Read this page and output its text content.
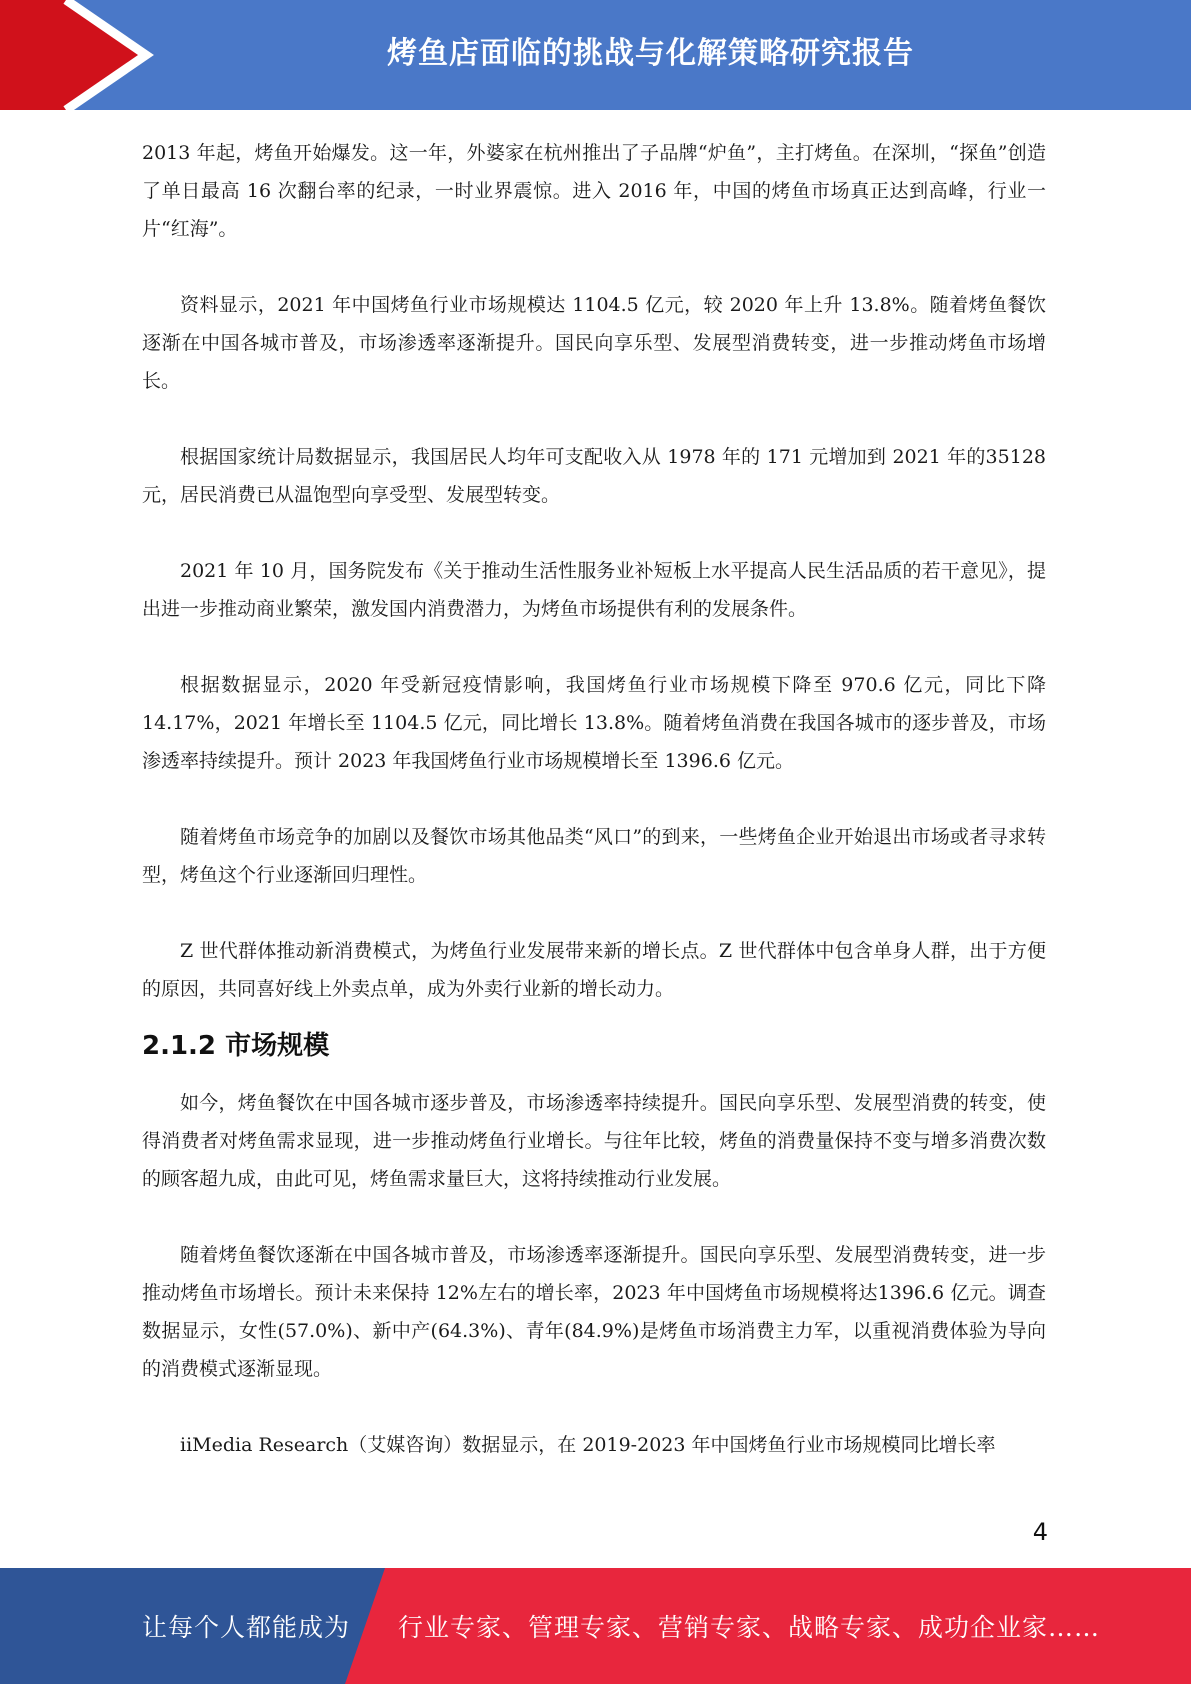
烤鱼店面临的挑战与化解策略研究报告

2013 年起，烤鱼开始爆发。这一年，外婆家在杭州推出了子品牌“炉鱼”，主打烤鱼。在深圳，“探鱼”创造了单日最高 16 次翻台率的纪录，一时业界震惊。进入 2016 年，中国的烤鱼市场真正达到高峰，行业一片“红海”。

资料显示，2021 年中国烤鱼行业市场规模达 1104.5 亿元，较 2020 年上升 13.8%。随着烤鱼餐饮逐渐在中国各城市普及，市场渗透率逐渐提升。国民向享乐型、发展型消费转变，进一步推动烤鱼市场增长。

根据国家统计局数据显示，我国居民人均年可支配收入从 1978 年的 171 元增加到 2021 年的35128 元，居民消费已从温饱型向享受型、发展型转变。

2021 年 10 月，国务院发布《关于推动生活性服务业补短板上水平提高人民生活品质的若干意见》，提出进一步推动商业繁荣，激发国内消费潜力，为烤鱼市场提供有利的发展条件。

根据数据显示，2020 年受新冠疫情影响，我国烤鱼行业市场规模下降至 970.6 亿元，同比下降 14.17%，2021 年增长至 1104.5 亿元，同比增长 13.8%。随着烤鱼消费在我国各城市的逐步普及，市场渗透率持续提升。预计 2023 年我国烤鱼行业市场规模增长至 1396.6 亿元。

随着烤鱼市场竞争的加剧以及餐饮市场其他品类“风口”的到来，一些烤鱼企业开始退出市场或者寻求转型，烤鱼这个行业逐渐回归理性。

Z 世代群体推动新消费模式，为烤鱼行业发展带来新的增长点。Z 世代群体中包含单身人群，出于方便的原因，共同喜好线上外卖点单，成为外卖行业新的增长动力。

2.1.2 市场规模

如今，烤鱼餐饮在中国各城市逐步普及，市场渗透率持续提升。国民向享乐型、发展型消费的转变，使得消费者对烤鱼需求显现，进一步推动烤鱼行业增长。与往年比较，烤鱼的消费量保持不变与增多消费次数的顾客超九成，由此可见，烤鱼需求量巨大，这将持续推动行业发展。

随着烤鱼餐饮逐渐在中国各城市普及，市场渗透率逐渐提升。国民向享乐型、发展型消费转变，进一步推动烤鱼市场增长。预计未来保持 12%左右的增长率，2023 年中国烤鱼市场规模将达1396.6 亿元。调查数据显示，女性(57.0%)、新中产(64.3%)、青年(84.9%)是烤鱼市场消费主力军，以重视消费体验为导向的消费模式逐渐显现。

iiMedia Research（艾媒咨询）数据显示，在 2019-2023 年中国烤鱼行业市场规模同比增长率

4
让每个人都能成为 行业专家、管理专家、营销专家、战略专家、成功企业家……
